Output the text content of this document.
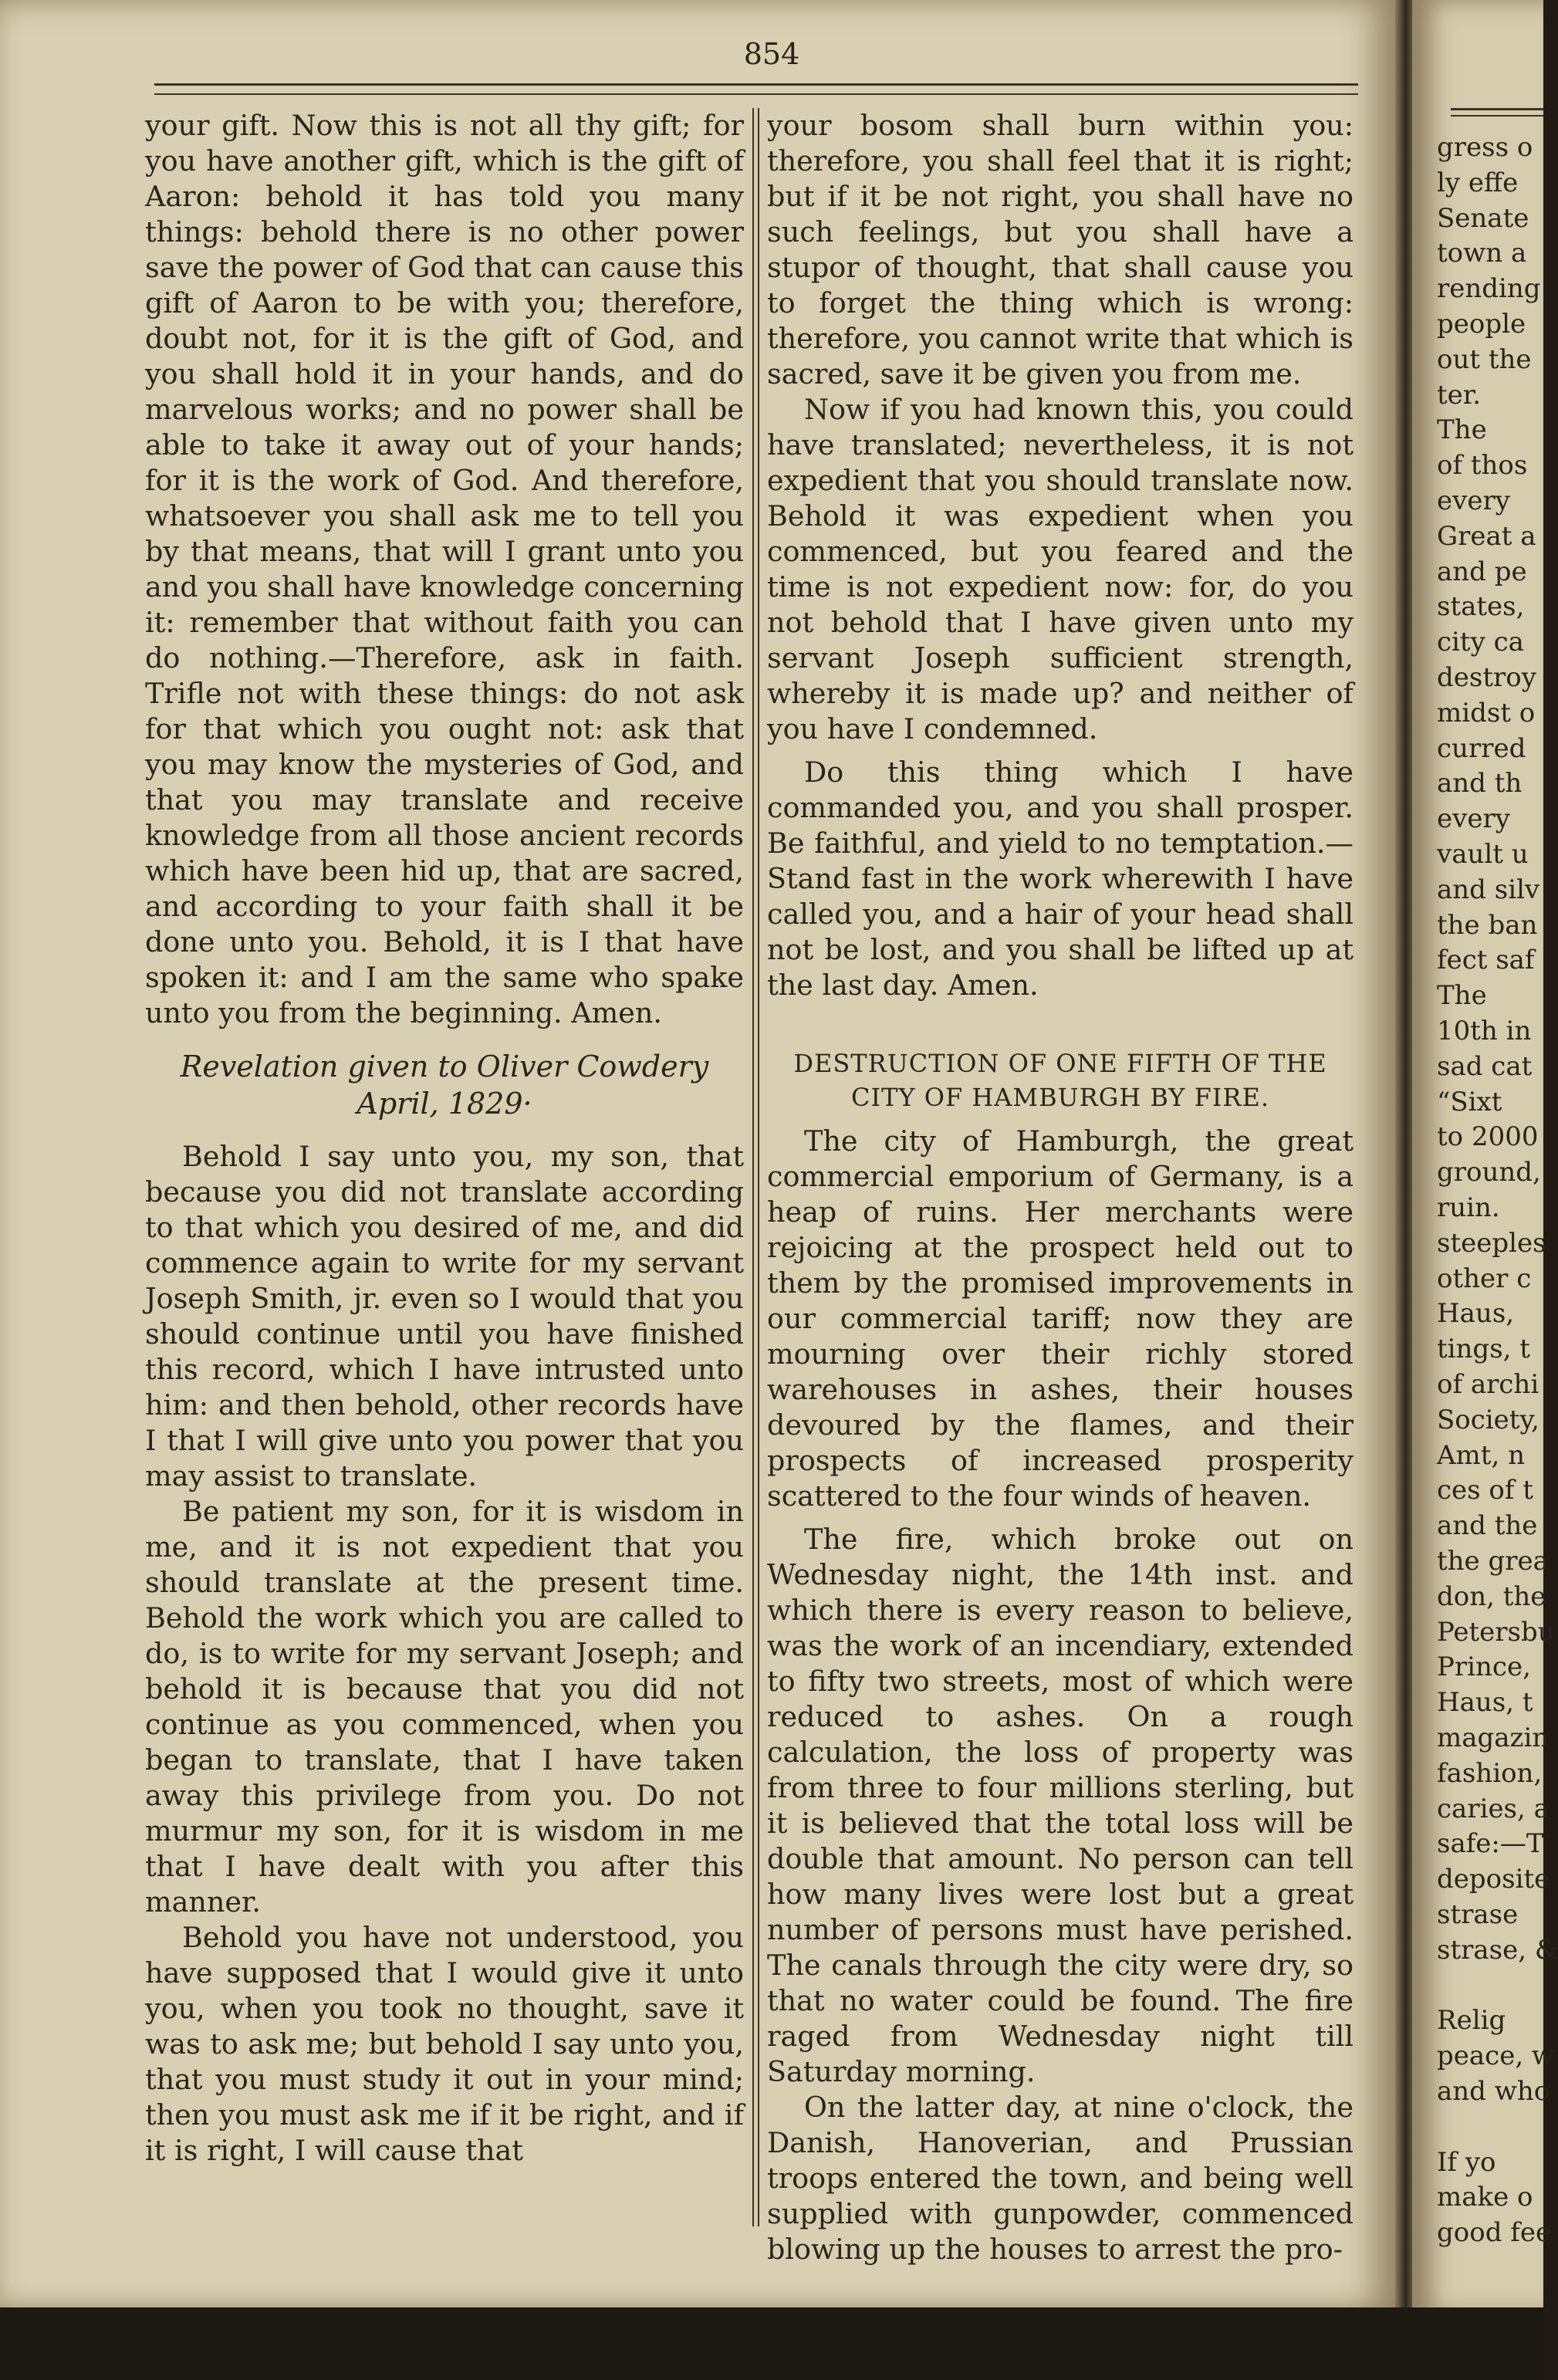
854

your gift. Now this is not all thy gift; for you have another gift, which is the gift of Aaron: behold it has told you many things: behold there is no other power save the power of God that can cause this gift of Aaron to be with you; therefore, doubt not, for it is the gift of God, and you shall hold it in your hands, and do marvelous works; and no power shall be able to take it away out of your hands; for it is the work of God. And therefore, whatsoever you shall ask me to tell you by that means, that will I grant unto you and you shall have knowledge concerning it: remember that without faith you can do nothing.—Therefore, ask in faith. Trifle not with these things: do not ask for that which you ought not: ask that you may know the mysteries of God, and that you may translate and receive knowledge from all those ancient records which have been hid up, that are sacred, and according to your faith shall it be done unto you. Behold, it is I that have spoken it: and I am the same who spake unto you from the beginning. Amen.

Revelation given to Oliver Cowdery
April, 1829·

Behold I say unto you, my son, that because you did not translate according to that which you desired of me, and did commence again to write for my servant Joseph Smith, jr. even so I would that you should continue until you have finished this record, which I have intrusted unto him: and then behold, other records have I that I will give unto you power that you may assist to translate.

Be patient my son, for it is wisdom in me, and it is not expedient that you should translate at the present time. Behold the work which you are called to do, is to write for my servant Joseph; and behold it is because that you did not continue as you commenced, when you began to translate, that I have taken away this privilege from you. Do not murmur my son, for it is wisdom in me that I have dealt with you after this manner.

Behold you have not understood, you have supposed that I would give it unto you, when you took no thought, save it was to ask me; but behold I say unto you, that you must study it out in your mind; then you must ask me if it be right, and if it is right, I will cause that

your bosom shall burn within you: therefore, you shall feel that it is right; but if it be not right, you shall have no such feelings, but you shall have a stupor of thought, that shall cause you to forget the thing which is wrong: therefore, you cannot write that which is sacred, save it be given you from me.

Now if you had known this, you could have translated; nevertheless, it is not expedient that you should translate now. Behold it was expedient when you commenced, but you feared and the time is not expedient now: for, do you not behold that I have given unto my servant Joseph sufficient strength, whereby it is made up? and neither of you have I condemned.

Do this thing which I have commanded you, and you shall prosper. Be faithful, and yield to no temptation.—Stand fast in the work wherewith I have called you, and a hair of your head shall not be lost, and you shall be lifted up at the last day. Amen.

DESTRUCTION OF ONE FIFTH OF THE CITY OF HAMBURGH BY FIRE.

The city of Hamburgh, the great commercial emporium of Germany, is a heap of ruins. Her merchants were rejoicing at the prospect held out to them by the promised improvements in our commercial tariff; now they are mourning over their richly stored warehouses in ashes, their houses devoured by the flames, and their prospects of increased prosperity scattered to the four winds of heaven.

The fire, which broke out on Wednesday night, the 14th inst. and which there is every reason to believe, was the work of an incendiary, extended to fifty two streets, most of which were reduced to ashes. On a rough calculation, the loss of property was from three to four millions sterling, but it is believed that the total loss will be double that amount. No person can tell how many lives were lost but a great number of persons must have perished. The canals through the city were dry, so that no water could be found. The fire raged from Wednesday night till Saturday morning.

On the latter day, at nine o'clock, the Danish, Hanoverian, and Prussian troops entered the town, and being well supplied with gunpowder, commenced blowing up the houses to arrest the pro-

gress o
ly effe
Senate
town a
rending
people
out the
ter.
The
of thos
every
Great a
and pe
states,
city ca
destroy
midst o
curred
and th
every
vault u
and silv
the ban
fect saf
The
10th in
sad cat
“Sixt
to 2000
ground,
ruin.
steeples
other c
Haus,
tings, t
of archi
Society,
Amt, n
ces of t
and the
the grea
don, the
Petersbu
Prince,
Haus, t
magazin
fashion,
caries, a
safe:—T
deposite
strase
strase, &
Relig
peace, w
and who
If yo
make o
good fee
